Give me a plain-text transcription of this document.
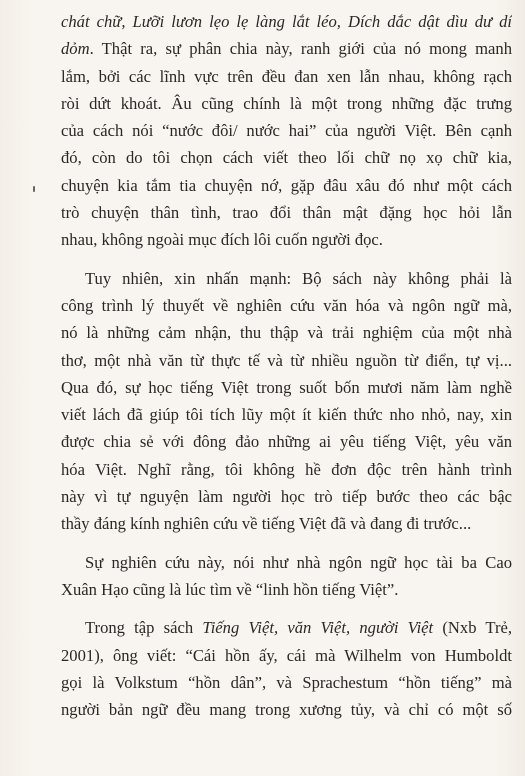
chát chữ, Lưỡi lươn lẹo lẹ làng lắt léo, Dích dắc dật dìu dư dí
dỏm. Thật ra, sự phân chia này, ranh giới của nó mong manh
lắm, bởi các lĩnh vực trên đều đan xen lẫn nhau, không rạch
ròi dứt khoát. Âu cũng chính là một trong những đặc trưng
của cách nói “nước đôi/ nước hai” của người Việt. Bên cạnh
đó, còn do tôi chọn cách viết theo lối chữ nọ xọ chữ kia,
chuyện kia tắm tia chuyện nớ, gặp đâu xâu đó như một cách
trò chuyện thân tình, trao đổi thân mật đặng học hỏi lẫn
nhau, không ngoài mục đích lôi cuốn người đọc.
Tuy nhiên, xin nhấn mạnh: Bộ sách này không phải là
công trình lý thuyết về nghiên cứu văn hóa và ngôn ngữ mà,
nó là những cảm nhận, thu thập và trải nghiệm của một nhà
thơ, một nhà văn từ thực tế và từ nhiều nguồn từ điển, tự vị...
Qua đó, sự học tiếng Việt trong suốt bốn mươi năm làm nghề
viết lách đã giúp tôi tích lũy một ít kiến thức nho nhỏ, nay, xin
được chia sẻ với đông đảo những ai yêu tiếng Việt, yêu văn
hóa Việt. Nghĩ rằng, tôi không hề đơn độc trên hành trình
này vì tự nguyện làm người học trò tiếp bước theo các bậc
thầy đáng kính nghiên cứu về tiếng Việt đã và đang đi trước...
Sự nghiên cứu này, nói như nhà ngôn ngữ học tài ba Cao
Xuân Hạo cũng là lúc tìm về “linh hồn tiếng Việt”.
Trong tập sách Tiếng Việt, văn Việt, người Việt (Nxb Trẻ,
2001), ông viết: “Cái hồn ấy, cái mà Wilhelm von Humboldt
gọi là Volkstum “hồn dân”, và Sprachestum “hồn tiếng” mà
người bản ngữ đều mang trong xương tủy, và chỉ có một số
